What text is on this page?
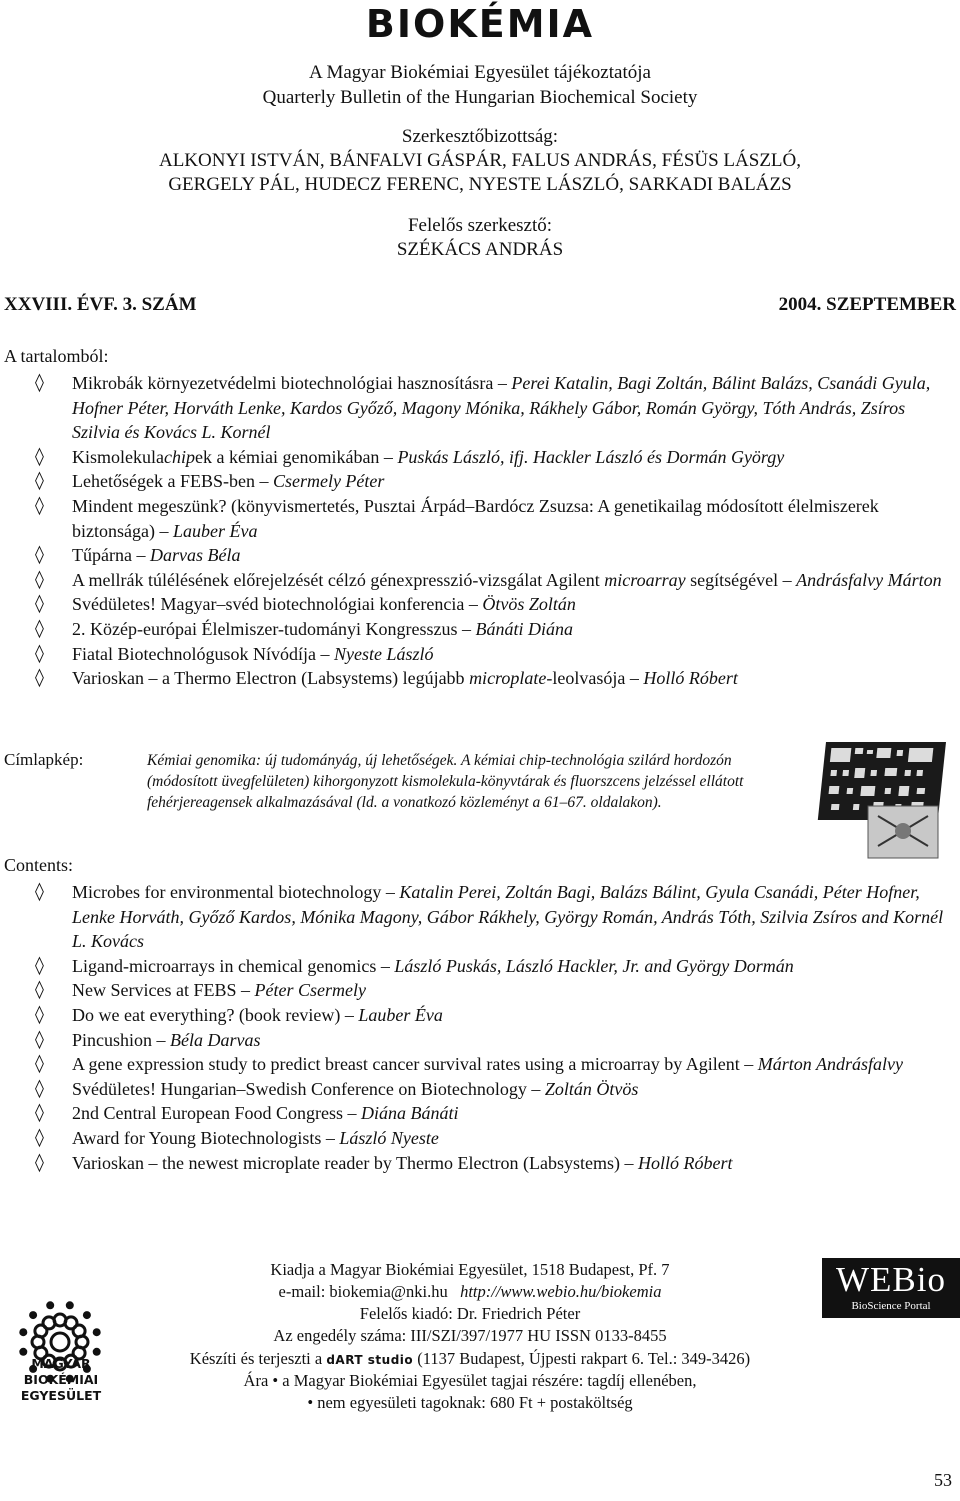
BIOKÉMIA
A Magyar Biokémiai Egyesület tájékoztatója
Quarterly Bulletin of the Hungarian Biochemical Society
Szerkesztőbizottság:
ALKONYI ISTVÁN, BÁNFALVI GÁSPÁR, FALUS ANDRÁS, FÉSÜS LÁSZLÓ,
GERGELY PÁL, HUDECZ FERENC, NYESTE LÁSZLÓ, SARKADI BALÁZS
Felelős szerkesztő:
SZÉKÁCS ANDRÁS
XXVIII. ÉVF. 3. SZÁM	2004. SZEPTEMBER
A tartalomból:
◊ Mikrobák környezetvédelmi biotechnológiai hasznosításra – Perei Katalin, Bagi Zoltán, Bálint Balázs, Csanádi Gyula, Hofner Péter, Horváth Lenke, Kardos Győző, Magony Mónika, Rákhely Gábor, Román György, Tóth András, Zsíros Szilvia és Kovács L. Kornél
◊ Kismolekulachipek a kémiai genomikában – Puskás László, ifj. Hackler László és Dormán György
◊ Lehetőségek a FEBS-ben – Csermely Péter
◊ Mindent megeszünk? (könyvismertetés, Pusztai Árpád–Bardócz Zsuzsa: A genetikailag módosított élelmiszerek biztonsága) – Lauber Éva
◊ Tűpárna – Darvas Béla
◊ A mellrák túlélésének előrejelzését célzó génexpresszió-vizsgálat Agilent microarray segítségével – Andrásfalvy Márton
◊ Svédületes! Magyar–svéd biotechnológiai konferencia – Ötvös Zoltán
◊ 2. Közép-európai Élelmiszer-tudományi Kongresszus – Bánáti Diána
◊ Fiatal Biotechnológusok Nívódíja – Nyeste László
◊ Varioskan – a Thermo Electron (Labsystems) legújabb microplate-leolvasója – Holló Róbert
Címlapkép:	Kémiai genomika: új tudományág, új lehetőségek. A kémiai chip-technológia szilárd hordozón (módosított üvegfelületen) kihorgonyzott kismolekula-könyvtárak és fluorszcens jelzéssel ellátott fehérjereagensek alkalmazásával (ld. a vonatkozó közleményt a 61–67. oldalakon).
Contents:
◊ Microbes for environmental biotechnology – Katalin Perei, Zoltán Bagi, Balázs Bálint, Gyula Csanádi, Péter Hofner, Lenke Horváth, Győző Kardos, Mónika Magony, Gábor Rákhely, György Román, András Tóth, Szilvia Zsíros and Kornél L. Kovács
◊ Ligand-microarrays in chemical genomics – László Puskás, László Hackler, Jr. and György Dormán
◊ New Services at FEBS – Péter Csermely
◊ Do we eat everything? (book review) – Lauber Éva
◊ Pincushion – Béla Darvas
◊ A gene expression study to predict breast cancer survival rates using a microarray by Agilent – Márton Andrásfalvy
◊ Svédületes! Hungarian–Swedish Conference on Biotechnology – Zoltán Ötvös
◊ 2nd Central European Food Congress – Diána Bánáti
◊ Award for Young Biotechnologists – László Nyeste
◊ Varioskan – the newest microplate reader by Thermo Electron (Labsystems) – Holló Róbert
MAGYAR
BIOKÉMIAI
EGYESÜLET
WEBio
BioScience Portal
Kiadja a Magyar Biokémiai Egyesület, 1518 Budapest, Pf. 7
e-mail: biokemia@nki.hu http://www.webio.hu/biokemia
Felelős kiadó: Dr. Friedrich Péter
Az engedély száma: III/SZI/397/1977 HU ISSN 0133-8455
Készíti és terjeszti a dART studio (1137 Budapest, Újpesti rakpart 6. Tel.: 349-3426)
Ára • a Magyar Biokémiai Egyesület tagjai részére: tagdíj ellenében,
• nem egyesületi tagoknak: 680 Ft + postaköltség
53
